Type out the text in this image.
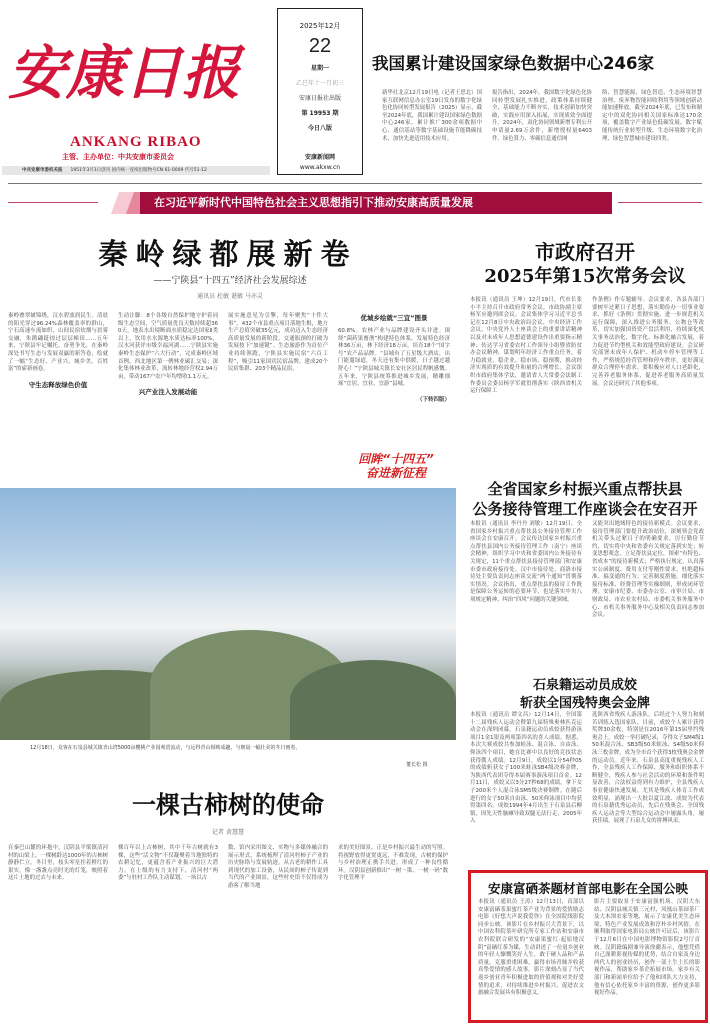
安康日报
ANKANG RIBAO
主管、主办单位：中共安康市委员会
中共安康市委机关报 1951年3月1日创刊 国内统一连续出版物号CN 61-0009 代号51-12
2025年12月
22
星期一
乙巳年十一月初三
安康日报社出版
第 19953 期
今日八版
安康新闻网
www.akxw.cn
我国累计建设国家绿色数据中心246家
新华社北京12月19日电（记者王思北）国家互联网信息办公室19日发布的数字化绿色化协同转型发展报告（2025）显示，截至2024年底，我国累计建设国家绿色数据中心246家，累计推广300余项数据中心、通信基站等数字基础设施节能降碳技术，加快先进适用技术应用。
报告指出，2024年，我国数字化绿色化协同转型发展扎实推进，政策体系持续健全，基础能力不断夯实，技术创新加快突破，实践应用深入拓展，实现质效全面提升。2024年，双化协同领域新增专利公开申请量2.69万余件，新增授权量6403件。绿色算力、零碳信息通信网
络、智慧能源、绿色智造、生态环境智慧治理、废弃物智能回收利用等领域创新动能加速释放。截至2024年底，已发布和制定中的双化协同相关国家标准达170余项，覆盖数字产业绿色低碳发展、数字赋能传统行业转型升级、生态环境数字化治理、绿色智慧城市建设四类。
在习近平新时代中国特色社会主义思想指引下推动安康高质量发展
秦岭绿都展新卷
——宁陕县“十四五”经济社会发展综述
通讯员 杜敏 谌敏 马亦灵
秦岭叠翠皴锦绣，汉水碧波润民生。清晨的阳光穿过96.24%森林覆盖率的群山，宁石高速车流如织，山间民宿炊烟与晨雾交融，朱鹮翩跹掠过层层梯田……五年来，宁陕县牢记嘱托，奋勇争先，在秦岭深处书写生态与发展双赢的新答卷，绘就了一幅“生态好、产业兴、城乡美、百姓富”的崭新画卷。
守生态释放绿色价值
生动注脚：8个各级自然保护地守护着同级生态空间，空气质量优良天数持续超360天，地表水出境断面水质稳定达国家Ⅱ类以上，饮用水水源地水质达标率100%，汉水河获评市级幸福河湖……宁陕县实施秦岭生态保护“六大行动”，完成秦岭区域首例、西北地区第一例林业碳汇交易；深化集体林业改革，流转林地经营权2.94万亩，带动167户农户年均增收1.1万元。
兴产业注入发展动能
展实施意见为引擎，每年聚焦“十件大事”，432个市县重点项目落地生根，地方生产总值突破35亿元，成功迈入生态经济高质量发展的新阶段。交通瓶颈的打破为发展按下“加速键”。生态旅游作为首位产业持续领跑，宁陕县实施民宿“六百工程”，吸引11家国宾民宿品牌，建成20个民宿集群、203个精品民宿。
优城乡绘就“三宜”图景
60.8%。农林产业与品牌建设齐头并进。围绕“菌药果畜渔”构建特色体系，发展特色经济林36万亩，林下经济18万亩，培育18个“国字号”农产品品牌。“县城有了五星级大酒店，出门能遛绿道，冬天还有集中供暖，日子越过越舒心！”宁陕县城关镇长安社区居民程帆感慨。五年来，宁陕县统筹推进城乡发展，精雕细琢“宜居、宜业、宜游”县城。
（下转四版）
回眸“十四五”
奋进新征程
12月18日，众客在石泉县城关镇青山湾5000亩櫻桃产业园观赏流动，与远得青山相映成趣，与朝晨一幅壮美的冬日画卷。
董长松 摄
一棵古柿树的使命
记者 黄慧慧
在秦巴山麓的环抱中，汉阴县平梁镇清河村的山梁上，一棵树龄达1000年的古柿树静静伫立。冬日里，枝头零星挂着橙红的果实，像一盏盏点亮时光的灯笼，映照着这片土地的过去与未来。
棵百年以上古柿树，其中千年古树就有3棵，这些“活文物”不仅凝聚着当地独特的农耕记忆，更蕴含着产业振兴的巨大潜力。在上级的有力支持下，清河村“两委”与驻村工作队主动谋划，一场以古
数、馆内采用图文、实物与多媒体融合的展示形式，系统梳理了清河村柿子产业的历史脉络与发展轨迹。从古老的耕作工具到现代的加工设备，从民间的柿子传说到当代的产业图景，这些村史馆不仅得成为游客了解当地
求的美好图景，正是乡村振兴最生动的写照。将视野放得更宽更远，不难发现，古树的保护与乡村治理正携手共进，形成了一种良性循环。汉阴县创新推出“一树一策、一树一码”数字化管理平
市政府召开
2025年第15次常务会议
本报讯（通讯员 王坤）12月19日，代市长张小平主持召开市政府常务会议。市政协副主席杨军应邀列席会议。会议集体学习习近平总书记在12月8日中央政治局会议、中央经济工作会议、中央党外人士座谈会上的重要讲话精神以及对未成年人思想道德建设作出重要指示精神；传达学习省委农村工作领导小组暨省防贫办会议精神，谋划明年经济工作重点任务，着力稳就业、稳企业、稳市场、稳预期，推动经济实现质的有效提升和量的合理增长。会议组织市政府集体学法，邀请省人大常委会法制工作委员会委员杨学军就贯彻落实《陕西省机关运行保障工
作条例》作专题辅导。会议要求，各县各部门要树牢过紧日子思想，落实勤俭办一切事业要求，抓好《条例》贯彻实施，进一步规范机关运行保障，深入推进公务服务、公物仓等改革，切实加强国资资产盘活利用，持续深化机关事务法治化、数字化、标准化融合发展，着力促进节约型机关和效能型政府建设。会议研究部署未成年人保护、机动车停车管理等工作，严格规范经营管理和停车秩序，更好满足群众合理停车需求。要积极应对人口老龄化，完善养老服务体系，促进养老服务高质量发展。会议还研究了其他事项。
全省国家乡村振兴重点帮扶县
公务接待管理工作座谈会在安召开
本报讯（通讯员 李丹丹 刘敏）12月19日，全省国家乡村振兴重点帮扶县公务接待管理工作座谈会在安康召开。会议传达国家乡村振兴重点帮扶县国内公务接待管理工作（南宁）座谈会精神，组织学习中央和省委国内公务接待有关规定，11个重点帮扶县接待管理部门和安康市委市政府接待处、汉中市接待处、商洛市接待处主要负责同志座谈交流“两个通知”贯彻落实情况。会议指出，重点帮扶县的接待工作既是保障公务运转的必要环节，也是落实中央八项规定精神、纠治“四风”问题的关键领域。
又能突出地域特色的接待新模式。会议要求，接待管理部门要提升政治站位，深刻领会党政机关带头过紧日子的明确要求，厉行勤俭节约，切实将中央和省委有关规定落到实处；转变思想观念，立足帮扶县定位，探索“有特色、省成本”的接待新模式；严格执行规定，认真落实公函制度、费用支付等刚性要求，杜绝超标准、搞变通的行为；完善制度措施，细化落实接待标准、经费管理等实操细则，形成闭环管理。安康市纪委、市委办公室、市审计局、市财政局、市农业农村局、市委机关事务服务中心、市机关事务服务中心及相关负责同志参加会议。
石泉籍运动员成姣
斩获全国残特奥会金牌
本报讯（通讯员 谭文昌）12月14日，全国第十二届残疾人运动会暨第九届特殊奥林匹克运动会在深圳闭幕。石泉籍运动员成姣获得游泳项目1金1银及两项第四名的喜人成绩。据悉，本次大赛成姣共参加蛙泳、混合泳、自由泳、仰泳四个项目，她在比赛中以良好的竞技状态获得傲人成绩。12月9日，成姣以1分54秒05的成绩斩获女子100米蛙泳SB4级决赛金牌，为陕西代表团夺得本届赛事游泳项目首金。12月11日，成姣又以3分27秒68的成绩，拿下女子200米个人混合泳SM5级决赛铜牌。在随后进行的女子50米自由泳、50米仰泳项目中均获得第四名。成姣1994年4月出生于石泉县后柳镇，因先天性脑瘫导致双腿无法行走，2005年入
选陕西省残疾人游泳队，后经过个人努力和刻苦训练入选国家队。目前，成姣个人累计获得奖牌30余枚，特别是在2016年第15届里约残奥会上，成姣一举打破纪录，夺得女子SM4级150米混合泳、SB3级50米蛙泳、S4级50米仰泳三枚金牌，成为全市首个获得3枚残奥会金牌的运动员。近年来，石泉县高度重视残疾人工作，全县残疾人工作保障、服务和组织体系不断健全，残疾人参与社会活动的环境和条件明显改善，合法权益得到有力维护，全县残疾人事业健康快速发展。尤其是残疾人体育工作成效明显，涌现出一大批以夏江波、成姣为代表的石泉籍优秀运动员，先后在残奥会、全国残疾人运动会等大型综合运动会中屡露头角，屡获佳绩，展现了石泉儿女的拼搏风采。
安康富硒茶题材首部电影在全国公映
本报讯（通讯员 王涛）12月13日，首部以安康富硒茶果蜜红茶产业为背景的爱情励志电影《好想大声说我爱你》在全国院线影院同步公映。该影片在乡村振兴大背景下，以中国农科院茶叶研究所专家工作站和安康市农科院联合研发的“安康果蜜红·起原地汉阴”富硒红茶为媒，生动讲述了一位返乡创业的年轻人慷慨笑好人生，敢于硬人品和产品质量，克服重重困难，赢得市场青睐并收获真挚爱情的感人故事。影片深刻凸显了当代返乡创业青年积极进取的价值观和对美好爱情的追求，对持续推进乡村振兴、促进农文旅融合发展具有积极意义。
影片主要取景于安康富强机场、汉阴大东站、汉阴县城关镇三元村、凤凰山茶园茶厂及大木坝农家等地，展示了安康优美生态环境、特色产业发展成效和淳朴乡村风情。在顺利取得国家电影局公映许可证后，该影片于12月6日在中国电影博物馆影院2号厅首映。汉阴籍编剧兼导演徐疆表示，他想凭借自己深耕影视传媒的优势，结合自家及身边两代人的创业经历，创作一部土生土长的影视作品，帮助家乡茶企拓展市场。家乡有关部门和新闻单位给予了他和团队大力支持，他有信心依托家乡丰富的资源，创作更多影视好作品。
